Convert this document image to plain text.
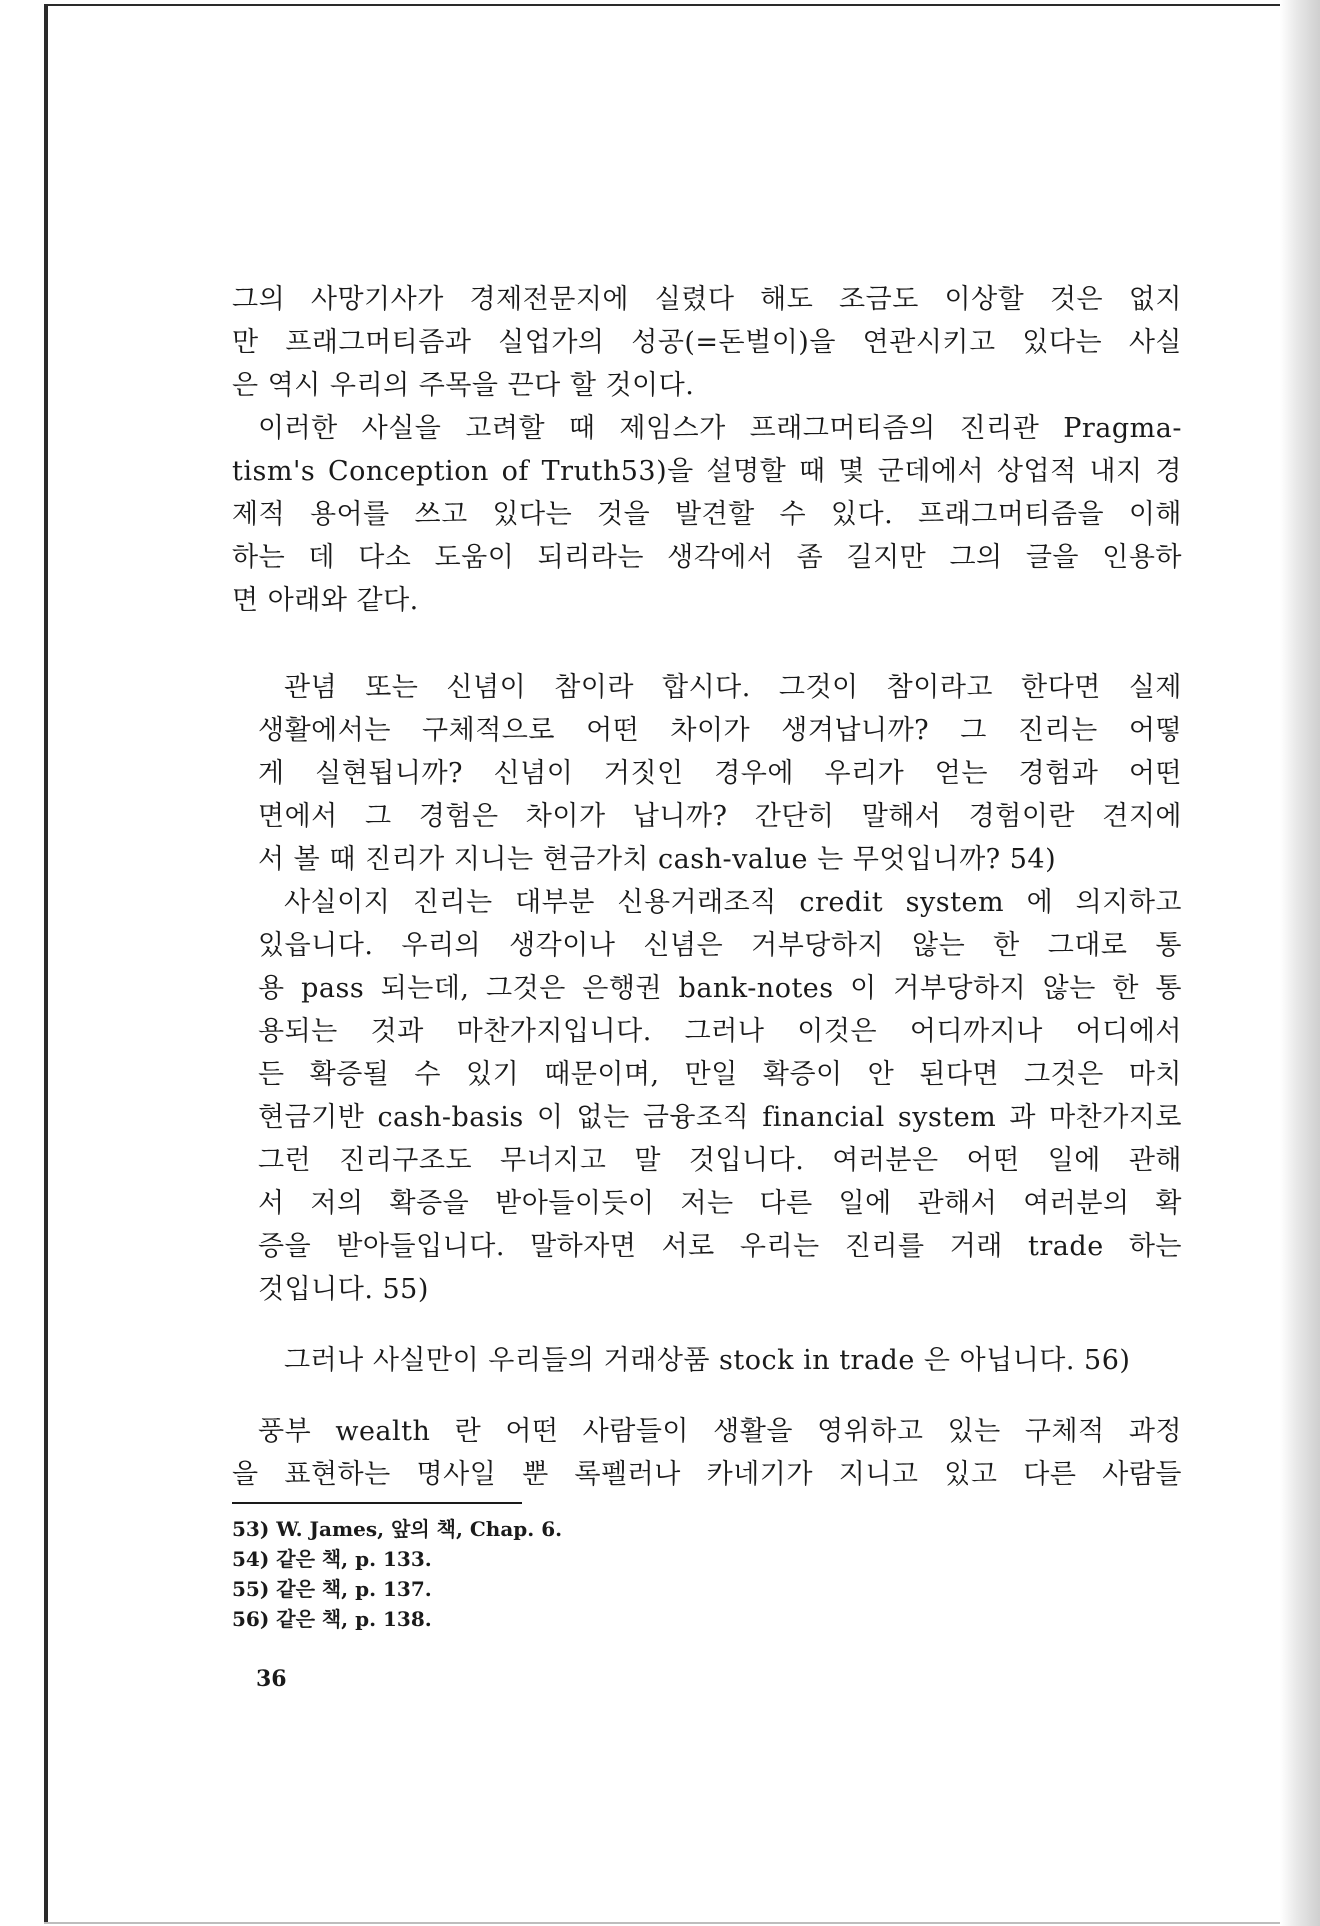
그의 사망기사가 경제전문지에 실렸다 해도 조금도 이상할 것은 없지
만 프래그머티즘과 실업가의 성공(=돈벌이)을 연관시키고 있다는 사실
은 역시 우리의 주목을 끈다 할 것이다.
이러한 사실을 고려할 때 제임스가 프래그머티즘의 진리관 Pragma-
tism's Conception of Truth53)을 설명할 때 몇 군데에서 상업적 내지 경
제적 용어를 쓰고 있다는 것을 발견할 수 있다. 프래그머티즘을 이해
하는 데 다소 도움이 되리라는 생각에서 좀 길지만 그의 글을 인용하
면 아래와 같다.
관념 또는 신념이 참이라 합시다. 그것이 참이라고 한다면 실제
생활에서는 구체적으로 어떤 차이가 생겨납니까? 그 진리는 어떻
게 실현됩니까? 신념이 거짓인 경우에 우리가 얻는 경험과 어떤
면에서 그 경험은 차이가 납니까? 간단히 말해서 경험이란 견지에
서 볼 때 진리가 지니는 현금가치 cash-value 는 무엇입니까? 54)
사실이지 진리는 대부분 신용거래조직 credit system 에 의지하고
있읍니다. 우리의 생각이나 신념은 거부당하지 않는 한 그대로 통
용 pass 되는데, 그것은 은행권 bank-notes 이 거부당하지 않는 한 통
용되는 것과 마찬가지입니다. 그러나 이것은 어디까지나 어디에서
든 확증될 수 있기 때문이며, 만일 확증이 안 된다면 그것은 마치
현금기반 cash-basis 이 없는 금융조직 financial system 과 마찬가지로
그런 진리구조도 무너지고 말 것입니다. 여러분은 어떤 일에 관해
서 저의 확증을 받아들이듯이 저는 다른 일에 관해서 여러분의 확
증을 받아들입니다. 말하자면 서로 우리는 진리를 거래 trade 하는
것입니다. 55)
그러나 사실만이 우리들의 거래상품 stock in trade 은 아닙니다. 56)
풍부 wealth 란 어떤 사람들이 생활을 영위하고 있는 구체적 과정
을 표현하는 명사일 뿐 록펠러나 카네기가 지니고 있고 다른 사람들
53) W. James, 앞의 책, Chap. 6.
54) 같은 책, p. 133.
55) 같은 책, p. 137.
56) 같은 책, p. 138.
36
